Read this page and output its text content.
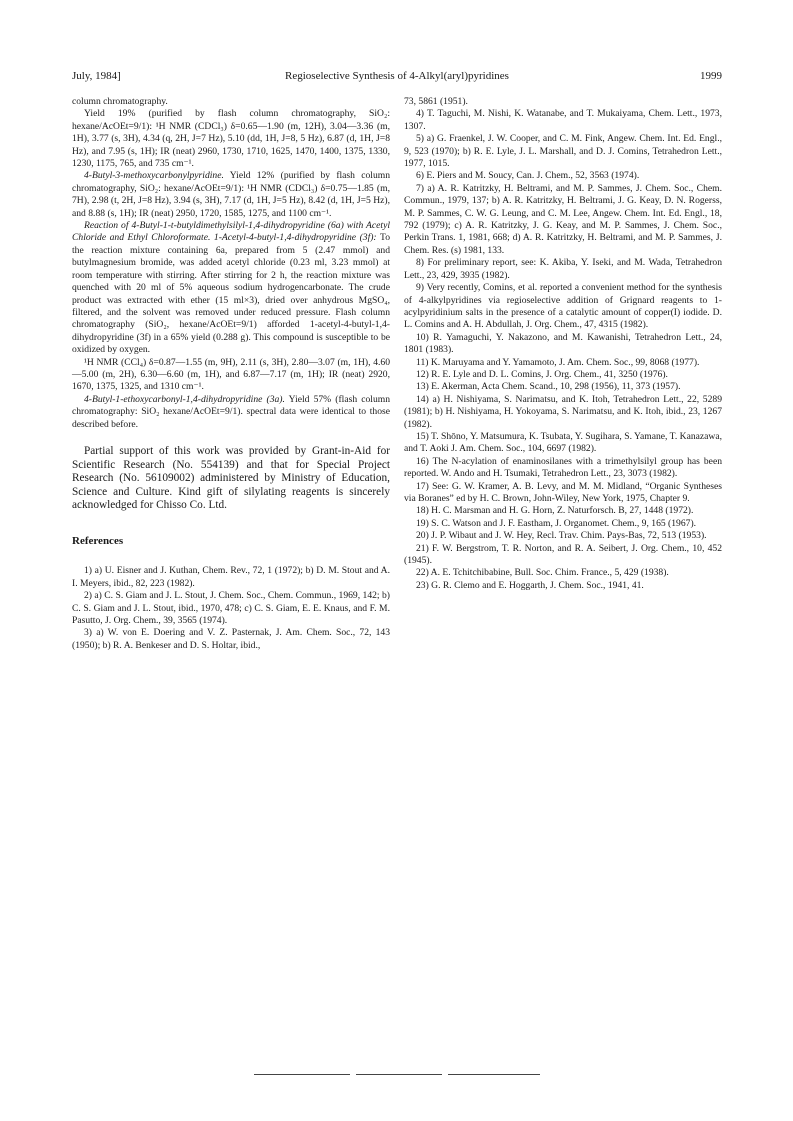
July, 1984]	Regioselective Synthesis of 4-Alkyl(aryl)pyridines	1999

column chromatography.

Yield 19% (purified by flash column chromatography, SiO₂: hexane/AcOEt=9/1): ¹H NMR (CDCl₃) δ=0.65—1.90 (m, 12H), 3.04—3.36 (m, 1H), 3.77 (s, 3H), 4.34 (q, 2H, J=7 Hz), 5.10 (dd, 1H, J=8, 5 Hz), 6.87 (d, 1H, J=8 Hz), and 7.95 (s, 1H); IR (neat) 2960, 1730, 1710, 1625, 1470, 1400, 1375, 1330, 1230, 1175, 765, and 735 cm⁻¹.

4-Butyl-3-methoxycarbonylpyridine. Yield 12% (purified by flash column chromatography, SiO₂: hexane/AcOEt=9/1): ¹H NMR (CDCl₃) δ=0.75—1.85 (m, 7H), 2.98 (t, 2H, J=8 Hz), 3.94 (s, 3H), 7.17 (d, 1H, J=5 Hz), 8.42 (d, 1H, J=5 Hz), and 8.88 (s, 1H); IR (neat) 2950, 1720, 1585, 1275, and 1100 cm⁻¹.

Reaction of 4-Butyl-1-t-butyldimethylsilyl-1,4-dihydropyridine (6a) with Acetyl Chloride and Ethyl Chloroformate. 1-Acetyl-4-butyl-1,4-dihydropyridine (3f): To the reaction mixture containing 6a, prepared from 5 (2.47 mmol) and butylmagnesium bromide, was added acetyl chloride (0.23 ml, 3.23 mmol) at room temperature with stirring. After stirring for 2 h, the reaction mixture was quenched with 20 ml of 5% aqueous sodium hydrogencarbonate. The crude product was extracted with ether (15 ml×3), dried over anhydrous MgSO₄, filtered, and the solvent was removed under reduced pressure. Flash column chromatography (SiO₂, hexane/AcOEt=9/1) afforded 1-acetyl-4-butyl-1,4-dihydropyridine (3f) in a 65% yield (0.288 g). This compound is susceptible to be oxidized by oxygen.

¹H NMR (CCl₄) δ=0.87—1.55 (m, 9H), 2.11 (s, 3H), 2.80—3.07 (m, 1H), 4.60—5.00 (m, 2H), 6.30—6.60 (m, 1H), and 6.87—7.17 (m, 1H); IR (neat) 2920, 1670, 1375, 1325, and 1310 cm⁻¹.

4-Butyl-1-ethoxycarbonyl-1,4-dihydropyridine (3a). Yield 57% (flash column chromatography: SiO₂ hexane/AcOEt=9/1). spectral data were identical to those described before.

Partial support of this work was provided by Grant-in-Aid for Scientific Research (No. 554139) and that for Special Project Research (No. 56109002) administered by Ministry of Education, Science and Culture. Kind gift of silylating reagents is sincerely acknowledged for Chisso Co. Ltd.

References

1) a) U. Eisner and J. Kuthan, Chem. Rev., 72, 1 (1972); b) D. M. Stout and A. I. Meyers, ibid., 82, 223 (1982).

2) a) C. S. Giam and J. L. Stout, J. Chem. Soc., Chem. Commun., 1969, 142; b) C. S. Giam and J. L. Stout, ibid., 1970, 478; c) C. S. Giam, E. E. Knaus, and F. M. Pasutto, J. Org. Chem., 39, 3565 (1974).

3) a) W. von E. Doering and V. Z. Pasternak, J. Am. Chem. Soc., 72, 143 (1950); b) R. A. Benkeser and D. S. Holtar, ibid.,

73, 5861 (1951).

4) T. Taguchi, M. Nishi, K. Watanabe, and T. Mukaiyama, Chem. Lett., 1973, 1307.

5) a) G. Fraenkel, J. W. Cooper, and C. M. Fink, Angew. Chem. Int. Ed. Engl., 9, 523 (1970); b) R. E. Lyle, J. L. Marshall, and D. J. Comins, Tetrahedron Lett., 1977, 1015.

6) E. Piers and M. Soucy, Can. J. Chem., 52, 3563 (1974).

7) a) A. R. Katritzky, H. Beltrami, and M. P. Sammes, J. Chem. Soc., Chem. Commun., 1979, 137; b) A. R. Katritzky, H. Beltrami, J. G. Keay, D. N. Rogerss, M. P. Sammes, C. W. G. Leung, and C. M. Lee, Angew. Chem. Int. Ed. Engl., 18, 792 (1979); c) A. R. Katritzky, J. G. Keay, and M. P. Sammes, J. Chem. Soc., Perkin Trans. 1, 1981, 668; d) A. R. Katritzky, H. Beltrami, and M. P. Sammes, J. Chem. Res. (s) 1981, 133.

8) For preliminary report, see: K. Akiba, Y. Iseki, and M. Wada, Tetrahedron Lett., 23, 429, 3935 (1982).

9) Very recently, Comins, et al. reported a convenient method for the synthesis of 4-alkylpyridines via regioselective addition of Grignard reagents to 1-acylpyridinium salts in the presence of a catalytic amount of copper(I) iodide. D. L. Comins and A. H. Abdullah, J. Org. Chem., 47, 4315 (1982).

10) R. Yamaguchi, Y. Nakazono, and M. Kawanishi, Tetrahedron Lett., 24, 1801 (1983).

11) K. Maruyama and Y. Yamamoto, J. Am. Chem. Soc., 99, 8068 (1977).

12) R. E. Lyle and D. L. Comins, J. Org. Chem., 41, 3250 (1976).

13) E. Akerman, Acta Chem. Scand., 10, 298 (1956), 11, 373 (1957).

14) a) H. Nishiyama, S. Narimatsu, and K. Itoh, Tetrahedron Lett., 22, 5289 (1981); b) H. Nishiyama, H. Yokoyama, S. Narimatsu, and K. Itoh, ibid., 23, 1267 (1982).

15) T. Shōno, Y. Matsumura, K. Tsubata, Y. Sugihara, S. Yamane, T. Kanazawa, and T. Aoki J. Am. Chem. Soc., 104, 6697 (1982).

16) The N-acylation of enaminosilanes with a trimethylsilyl group has been reported. W. Ando and H. Tsumaki, Tetrahedron Lett., 23, 3073 (1982).

17) See: G. W. Kramer, A. B. Levy, and M. M. Midland, “Organic Syntheses via Boranes” ed by H. C. Brown, John-Wiley, New York, 1975, Chapter 9.

18) H. C. Marsman and H. G. Horn, Z. Naturforsch. B, 27, 1448 (1972).

19) S. C. Watson and J. F. Eastham, J. Organomet. Chem., 9, 165 (1967).

20) J. P. Wibaut and J. W. Hey, Recl. Trav. Chim. Pays-Bas, 72, 513 (1953).

21) F. W. Bergstrom, T. R. Norton, and R. A. Seibert, J. Org. Chem., 10, 452 (1945).

22) A. E. Tchitchibabine, Bull. Soc. Chim. France., 5, 429 (1938).

23) G. R. Clemo and E. Hoggarth, J. Chem. Soc., 1941, 41.
